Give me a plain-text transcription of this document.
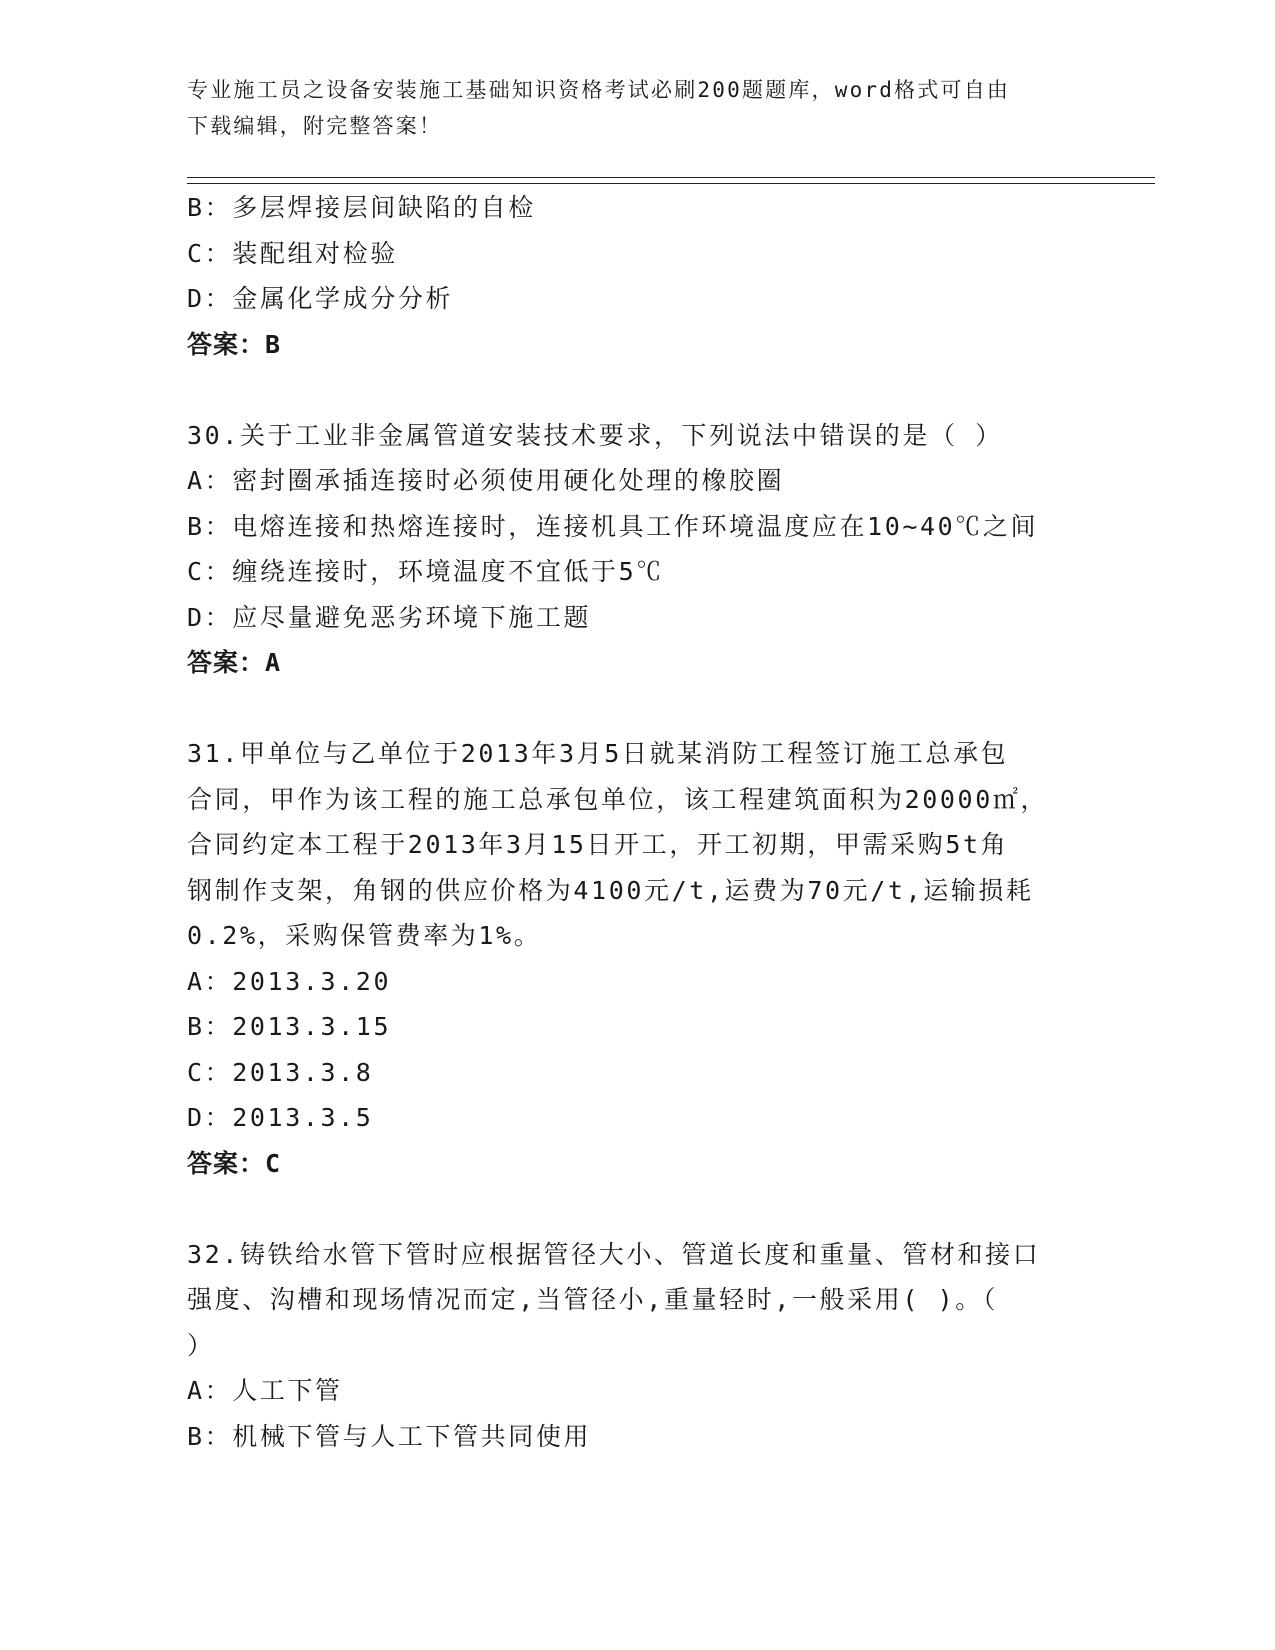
专业施工员之设备安装施工基础知识资格考试必刷200题题库，word格式可自由
下载编辑，附完整答案！
B：多层焊接层间缺陷的自检
C：装配组对检验
D：金属化学成分分析
答案：B
30.关于工业非金属管道安装技术要求，下列说法中错误的是（ ）
A：密封圈承插连接时必须使用硬化处理的橡胶圈
B：电熔连接和热熔连接时，连接机具工作环境温度应在10~40℃之间
C：缠绕连接时，环境温度不宜低于5℃
D：应尽量避免恶劣环境下施工题
答案：A
31.甲单位与乙单位于2013年3月5日就某消防工程签订施工总承包
合同，甲作为该工程的施工总承包单位，该工程建筑面积为20000㎡，
合同约定本工程于2013年3月15日开工，开工初期，甲需采购5t角
钢制作支架，角钢的供应价格为4100元/t,运费为70元/t,运输损耗
0.2%，采购保管费率为1%。
A：2013.3.20
B：2013.3.15
C：2013.3.8
D：2013.3.5
答案：C
32.铸铁给水管下管时应根据管径大小、管道长度和重量、管材和接口
强度、沟槽和现场情况而定,当管径小,重量轻时,一般采用( )。（
）
A：人工下管
B：机械下管与人工下管共同使用
